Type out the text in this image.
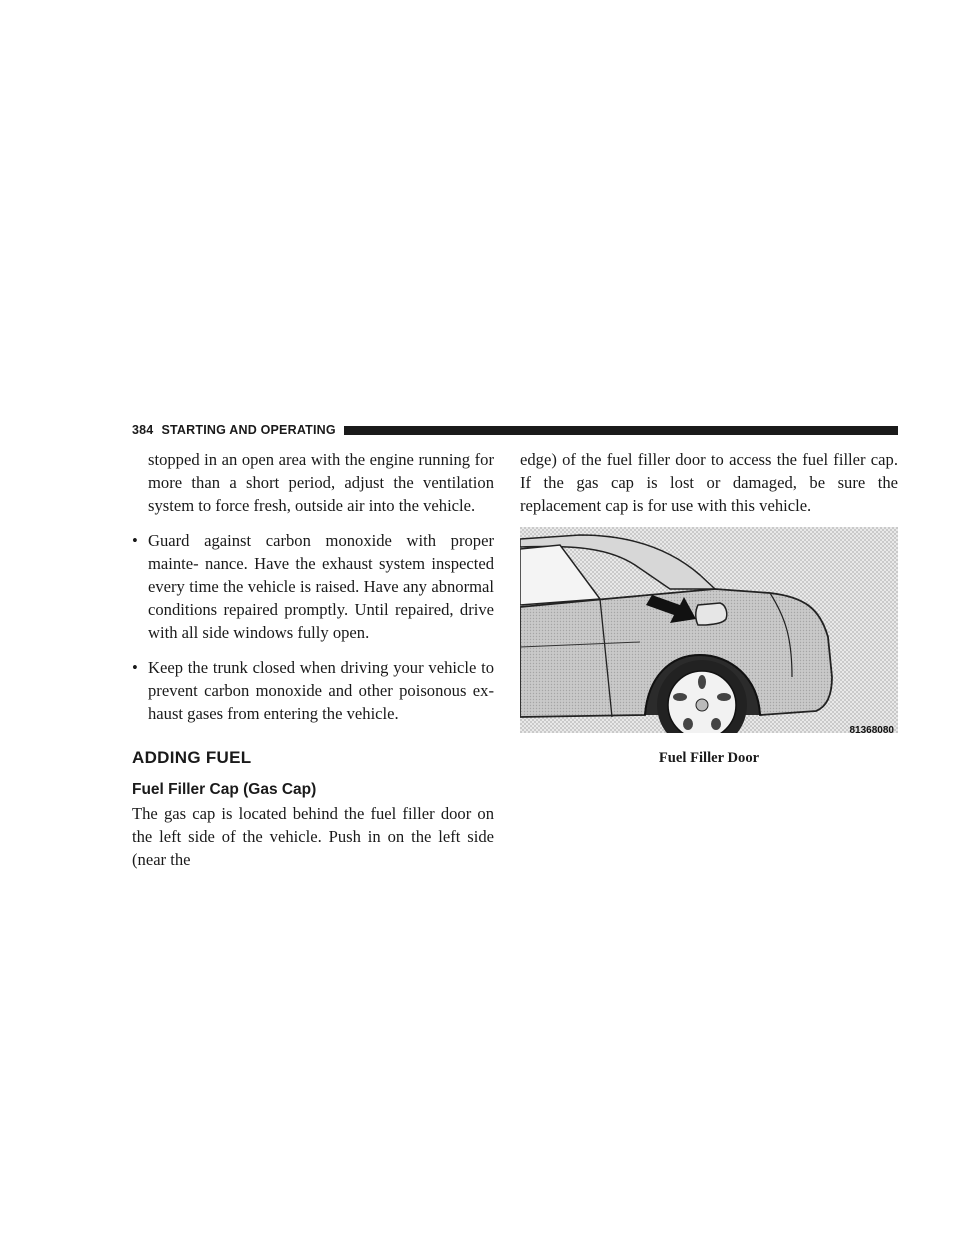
384 STARTING AND OPERATING

stopped in an open area with the engine running for more than a short period, adjust the ventilation system to force fresh, outside air into the vehicle.

• Guard against carbon monoxide with proper mainte- nance. Have the exhaust system inspected every time the vehicle is raised. Have any abnormal conditions repaired promptly. Until repaired, drive with all side windows fully open.
• Keep the trunk closed when driving your vehicle to prevent carbon monoxide and other poisonous ex- haust gases from entering the vehicle.
ADDING FUEL
Fuel Filler Cap (Gas Cap)

The gas cap is located behind the fuel filler door on the left side of the vehicle. Push in on the left side (near the

edge) of the fuel filler door to access the fuel filler cap. If the gas cap is lost or damaged, be sure the replacement cap is for use with this vehicle.

81368080
Fuel Filler Door
